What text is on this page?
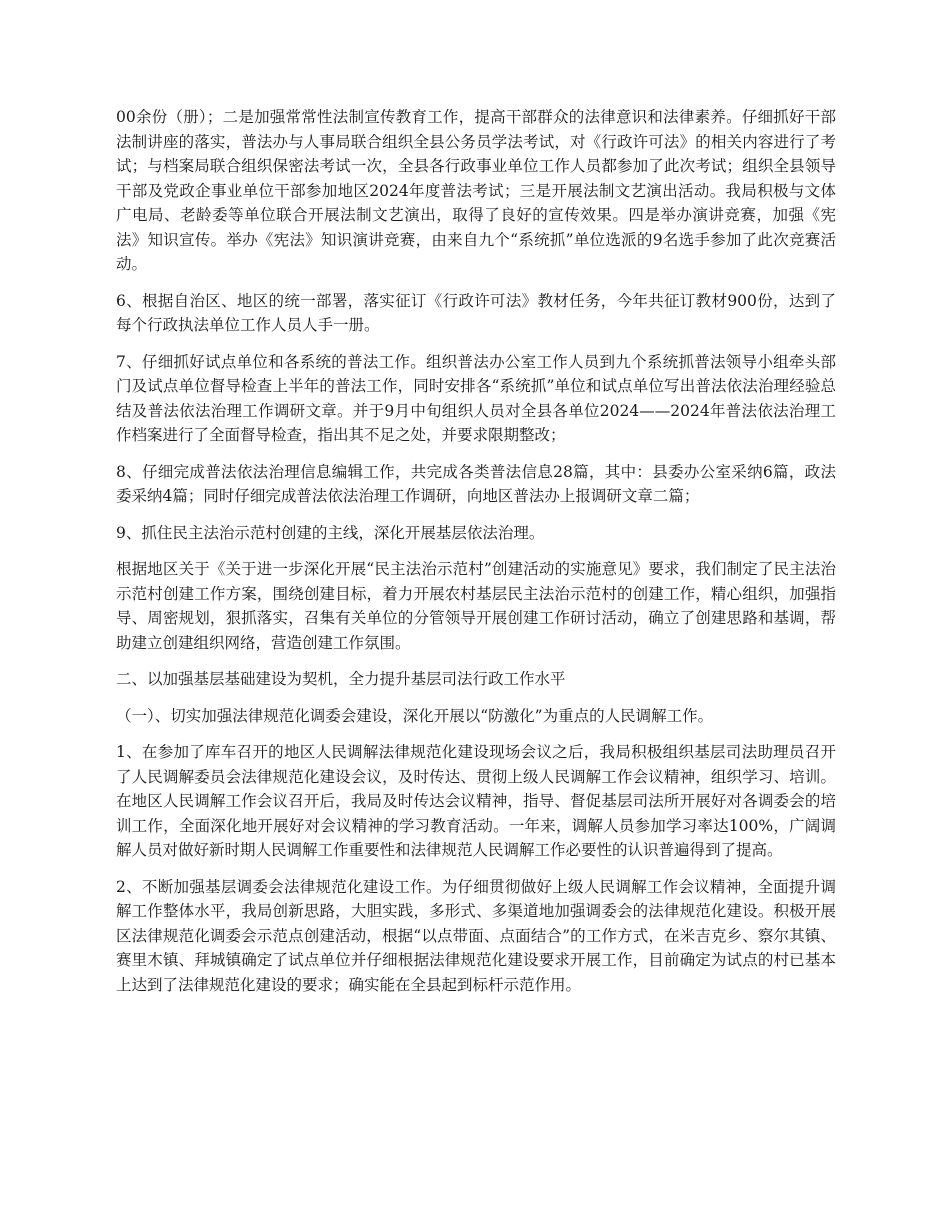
00余份（册）；二是加强常常性法制宣传教育工作，提高干部群众的法律意识和法律素养。仔细抓好干部法制讲座的落实，普法办与人事局联合组织全县公务员学法考试，对《行政许可法》的相关内容进行了考试；与档案局联合组织保密法考试一次，全县各行政事业单位工作人员都参加了此次考试；组织全县领导干部及党政企事业单位干部参加地区2024年度普法考试；三是开展法制文艺演出活动。我局积极与文体广电局、老龄委等单位联合开展法制文艺演出，取得了良好的宣传效果。四是举办演讲竞赛，加强《宪法》知识宣传。举办《宪法》知识演讲竞赛，由来自九个“系统抓”单位选派的9名选手参加了此次竞赛活动。

6、根据自治区、地区的统一部署，落实征订《行政许可法》教材任务，今年共征订教材900份，达到了每个行政执法单位工作人员人手一册。

7、仔细抓好试点单位和各系统的普法工作。组织普法办公室工作人员到九个系统抓普法领导小组牵头部门及试点单位督导检查上半年的普法工作，同时安排各“系统抓”单位和试点单位写出普法依法治理经验总结及普法依法治理工作调研文章。并于9月中旬组织人员对全县各单位2024——2024年普法依法治理工作档案进行了全面督导检查，指出其不足之处，并要求限期整改；

8、仔细完成普法依法治理信息编辑工作，共完成各类普法信息28篇，其中：县委办公室采纳6篇，政法委采纳4篇；同时仔细完成普法依法治理工作调研，向地区普法办上报调研文章二篇；

9、抓住民主法治示范村创建的主线，深化开展基层依法治理。

根据地区关于《关于进一步深化开展“民主法治示范村”创建活动的实施意见》要求，我们制定了民主法治示范村创建工作方案，围绕创建目标，着力开展农村基层民主法治示范村的创建工作，精心组织，加强指导、周密规划，狠抓落实，召集有关单位的分管领导开展创建工作研讨活动，确立了创建思路和基调，帮助建立创建组织网络，营造创建工作氛围。

二、以加强基层基础建设为契机，全力提升基层司法行政工作水平

（一）、切实加强法律规范化调委会建设，深化开展以“防激化”为重点的人民调解工作。

1、在参加了库车召开的地区人民调解法律规范化建设现场会议之后，我局积极组织基层司法助理员召开了人民调解委员会法律规范化建设会议，及时传达、贯彻上级人民调解工作会议精神，组织学习、培训。在地区人民调解工作会议召开后，我局及时传达会议精神，指导、督促基层司法所开展好对各调委会的培训工作，全面深化地开展好对会议精神的学习教育活动。一年来，调解人员参加学习率达100%，广阔调解人员对做好新时期人民调解工作重要性和法律规范人民调解工作必要性的认识普遍得到了提高。

2、不断加强基层调委会法律规范化建设工作。为仔细贯彻做好上级人民调解工作会议精神，全面提升调解工作整体水平，我局创新思路，大胆实践，多形式、多渠道地加强调委会的法律规范化建设。积极开展区法律规范化调委会示范点创建活动，根据“以点带面、点面结合”的工作方式，在米吉克乡、察尔其镇、赛里木镇、拜城镇确定了试点单位并仔细根据法律规范化建设要求开展工作，目前确定为试点的村已基本上达到了法律规范化建设的要求；确实能在全县起到标杆示范作用。
